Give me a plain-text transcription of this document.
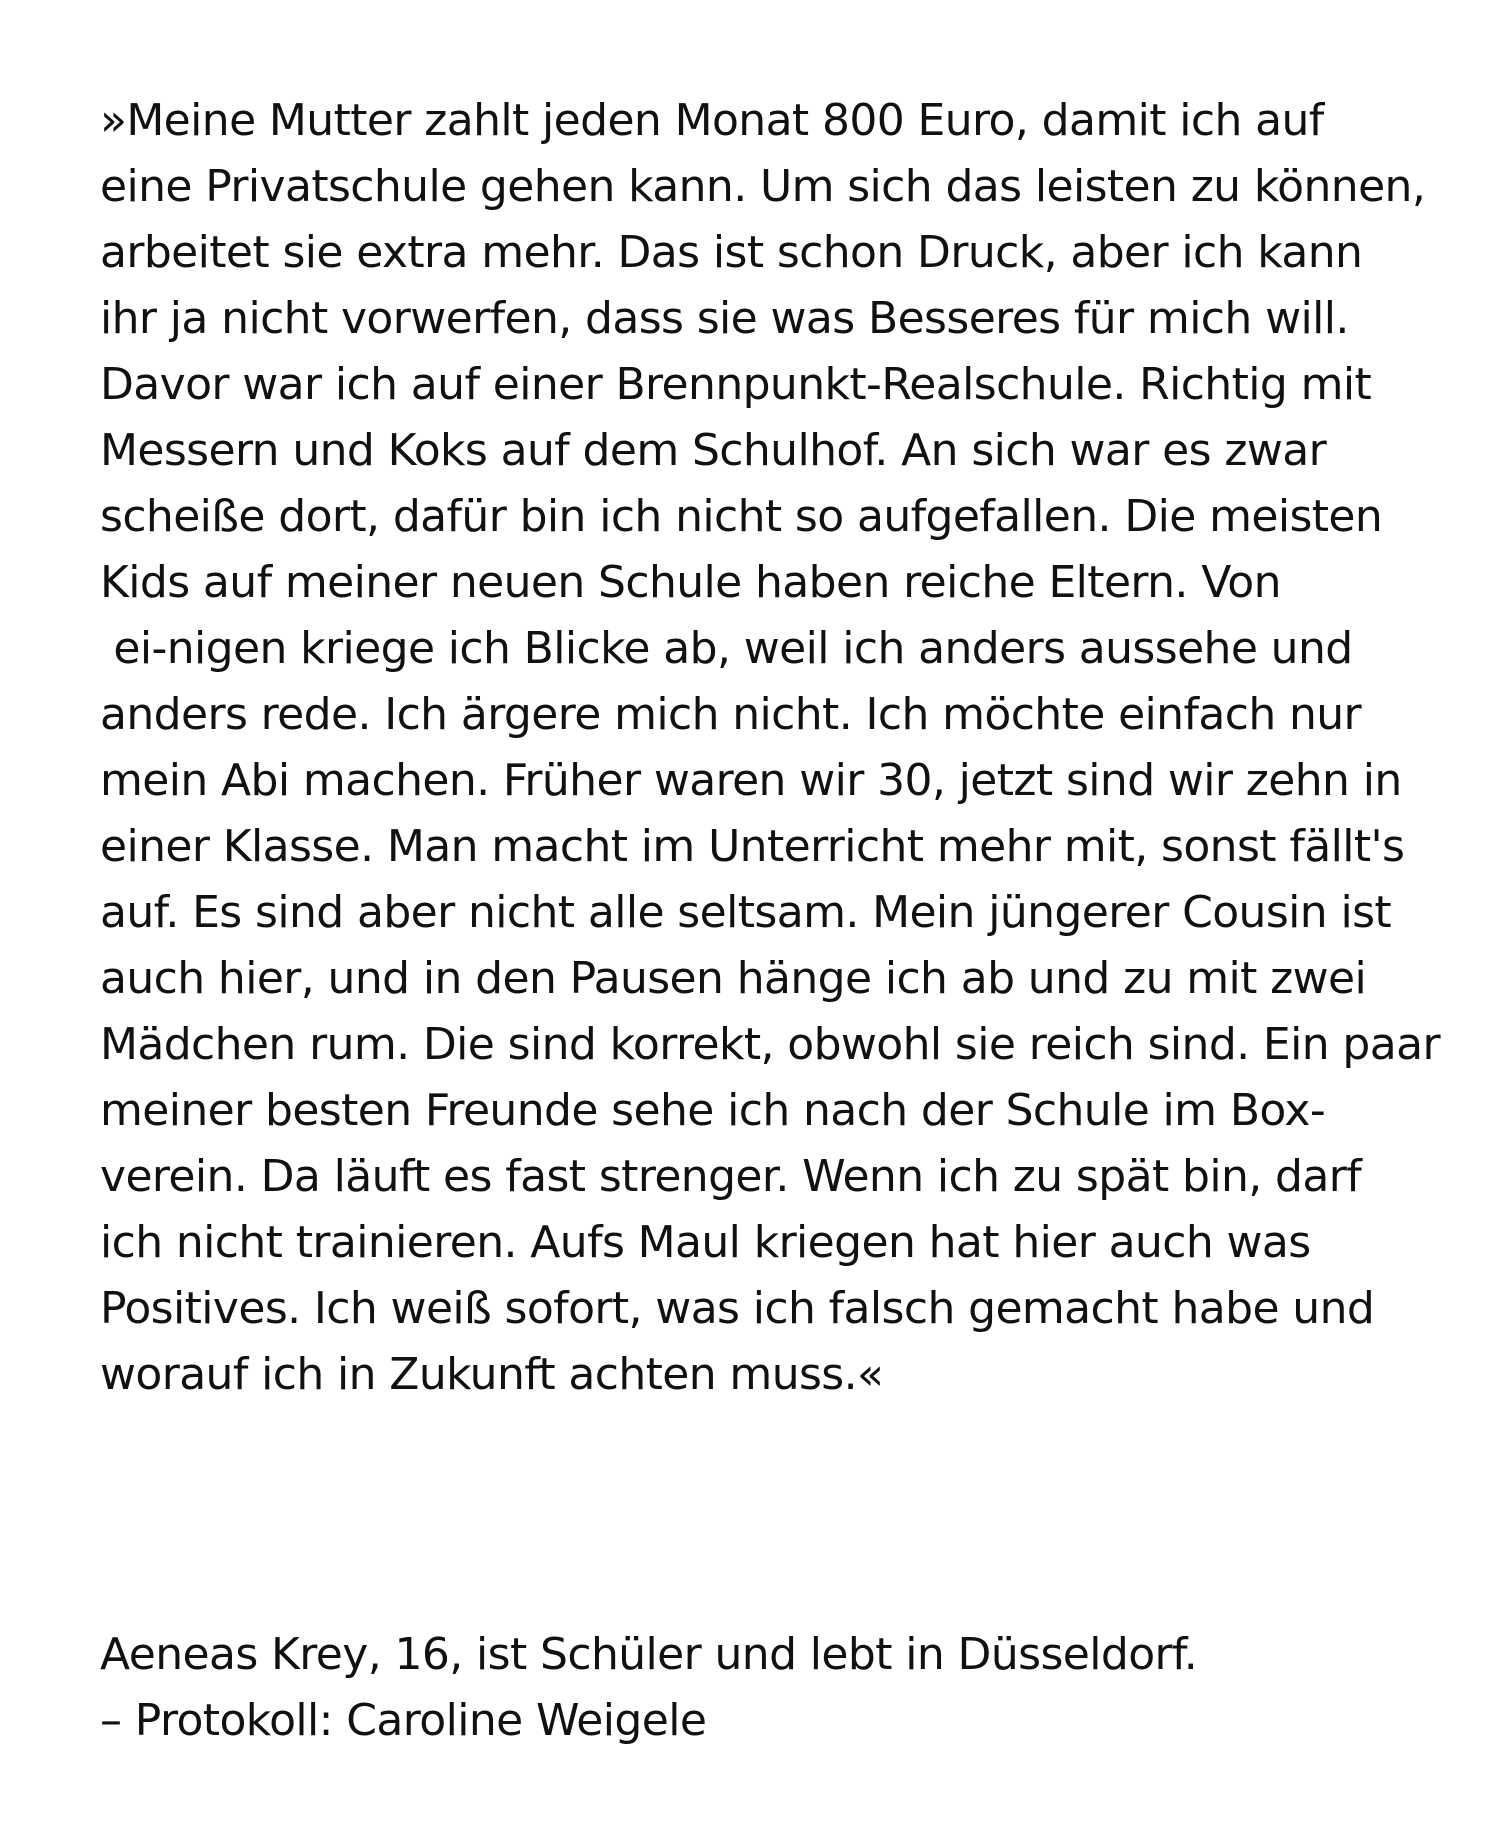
»Meine Mutter zahlt jeden Monat 800 Euro, damit ich auf
eine Privatschule gehen kann. Um sich das leisten zu können,
arbeitet sie extra mehr. Das ist schon Druck, aber ich kann
ihr ja nicht vorwerfen, dass sie was Besseres für mich will.
Davor war ich auf einer Brennpunkt-Realschule. Richtig mit
Messern und Koks auf dem Schulhof. An sich war es zwar
scheiße dort, dafür bin ich nicht so aufgefallen. Die meisten
Kids auf meiner neuen Schule haben reiche Eltern. Von
ei-nigen kriege ich Blicke ab, weil ich anders aussehe und
anders rede. Ich ärgere mich nicht. Ich möchte einfach nur
mein Abi machen. Früher waren wir 30, jetzt sind wir zehn in
einer Klasse. Man macht im Unterricht mehr mit, sonst fällt's
auf. Es sind aber nicht alle seltsam. Mein jüngerer Cousin ist
auch hier, und in den Pausen hänge ich ab und zu mit zwei
Mädchen rum. Die sind korrekt, obwohl sie reich sind. Ein paar
meiner besten Freunde sehe ich nach der Schule im Box-
verein. Da läuft es fast strenger. Wenn ich zu spät bin, darf
ich nicht trainieren. Aufs Maul kriegen hat hier auch was
Positives. Ich weiß sofort, was ich falsch gemacht habe und
worauf ich in Zukunft achten muss.«
Aeneas Krey, 16, ist Schüler und lebt in Düsseldorf.
– Protokoll: Caroline Weigele
